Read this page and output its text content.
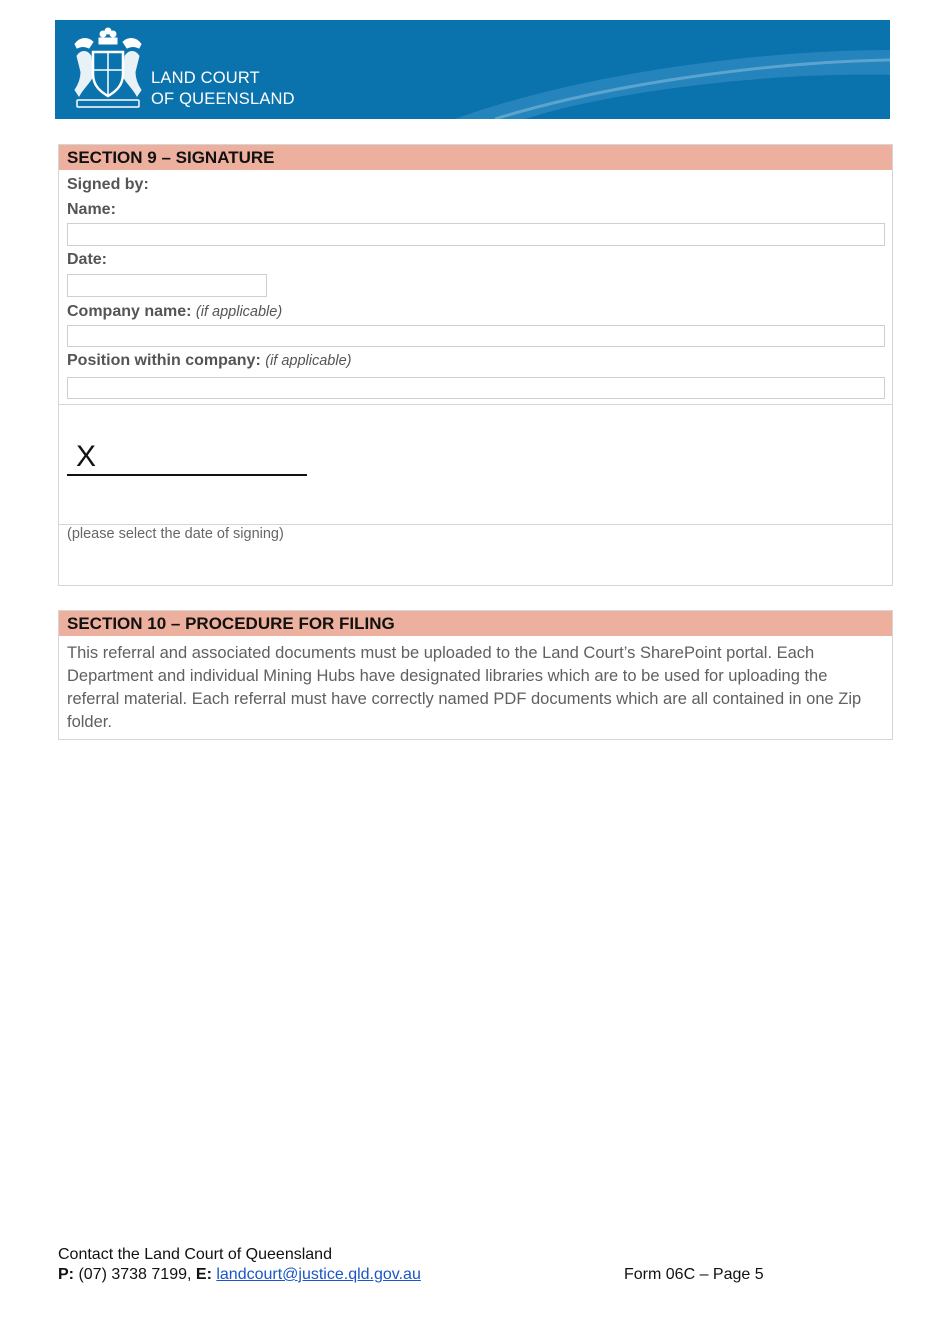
LAND COURT
OF QUEENSLAND
SECTION 9 – SIGNATURE
Signed by:
Name:
Date:
Company name: (if applicable)
Position within company: (if applicable)
X
(please select the date of signing)
SECTION 10 – PROCEDURE FOR FILING
This referral and associated documents must be uploaded to the Land Court’s SharePoint portal. Each Department and individual Mining Hubs have designated libraries which are to be used for uploading the referral material. Each referral must have correctly named PDF documents which are all contained in one Zip folder.
Contact the Land Court of Queensland
P: (07) 3738 7199, E: landcourt@justice.qld.gov.au	Form 06C – Page 5
